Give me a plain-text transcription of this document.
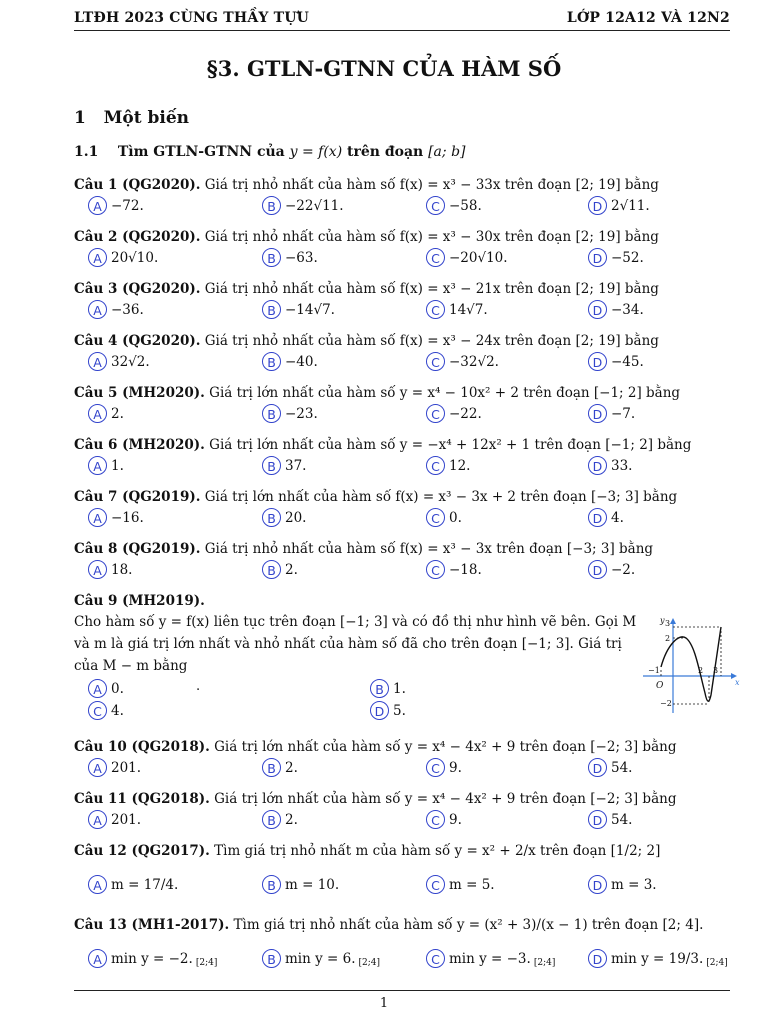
LTĐH 2023 CÙNG THẦY TỰU	LỚP 12A12 VÀ 12N2
§3. GTLN-GTNN CỦA HÀM SỐ
1   Một biến
1.1 Tìm GTLN-GTNN của y = f(x) trên đoạn [a; b]
Câu 1 (QG2020). Giá trị nhỏ nhất của hàm số f(x) = x³ − 33x trên đoạn [2; 19] bằng
A −72.	B −22√11.	C −58.	D 2√11.
Câu 2 (QG2020). Giá trị nhỏ nhất của hàm số f(x) = x³ − 30x trên đoạn [2; 19] bằng
A 20√10.	B −63.	C −20√10.	D −52.
Câu 3 (QG2020). Giá trị nhỏ nhất của hàm số f(x) = x³ − 21x trên đoạn [2; 19] bằng
A −36.	B −14√7.	C 14√7.	D −34.
Câu 4 (QG2020). Giá trị nhỏ nhất của hàm số f(x) = x³ − 24x trên đoạn [2; 19] bằng
A 32√2.	B −40.	C −32√2.	D −45.
Câu 5 (MH2020). Giá trị lớn nhất của hàm số y = x⁴ − 10x² + 2 trên đoạn [−1; 2] bằng
A 2.	B −23.	C −22.	D −7.
Câu 6 (MH2020). Giá trị lớn nhất của hàm số y = −x⁴ + 12x² + 1 trên đoạn [−1; 2] bằng
A 1.	B 37.	C 12.	D 33.
Câu 7 (QG2019). Giá trị lớn nhất của hàm số f(x) = x³ − 3x + 2 trên đoạn [−3; 3] bằng
A −16.	B 20.	C 0.	D 4.
Câu 8 (QG2019). Giá trị nhỏ nhất của hàm số f(x) = x³ − 3x trên đoạn [−3; 3] bằng
A 18.	B 2.	C −18.	D −2.
Câu 9 (MH2019).
Cho hàm số y = f(x) liên tục trên đoạn [−1; 3] và có đồ thị như hình vẽ bên. Gọi M và m là giá trị lớn nhất và nhỏ nhất của hàm số đã cho trên đoạn [−1; 3]. Giá trị của M − m bằng
A 0.	B 1.
C 4.	D 5.
.
Câu 10 (QG2018). Giá trị lớn nhất của hàm số y = x⁴ − 4x² + 9 trên đoạn [−2; 3] bằng
A 201.	B 2.	C 9.	D 54.
Câu 11 (QG2018). Giá trị lớn nhất của hàm số y = x⁴ − 4x² + 9 trên đoạn [−2; 3] bằng
A 201.	B 2.	C 9.	D 54.
Câu 12 (QG2017). Tìm giá trị nhỏ nhất m của hàm số y = x² + 2/x trên đoạn [1/2; 2]
A m = 17/4.	B m = 10.	C m = 5.	D m = 3.
Câu 13 (MH1-2017). Tìm giá trị nhỏ nhất của hàm số y = (x² + 3)/(x − 1) trên đoạn [2; 4].
A min y = −2. [2;4]	B min y = 6. [2;4]	C min y = −3. [2;4]	D min y = 19/3. [2;4]
y
x
O
3
2
−1
−2
2 3
1
